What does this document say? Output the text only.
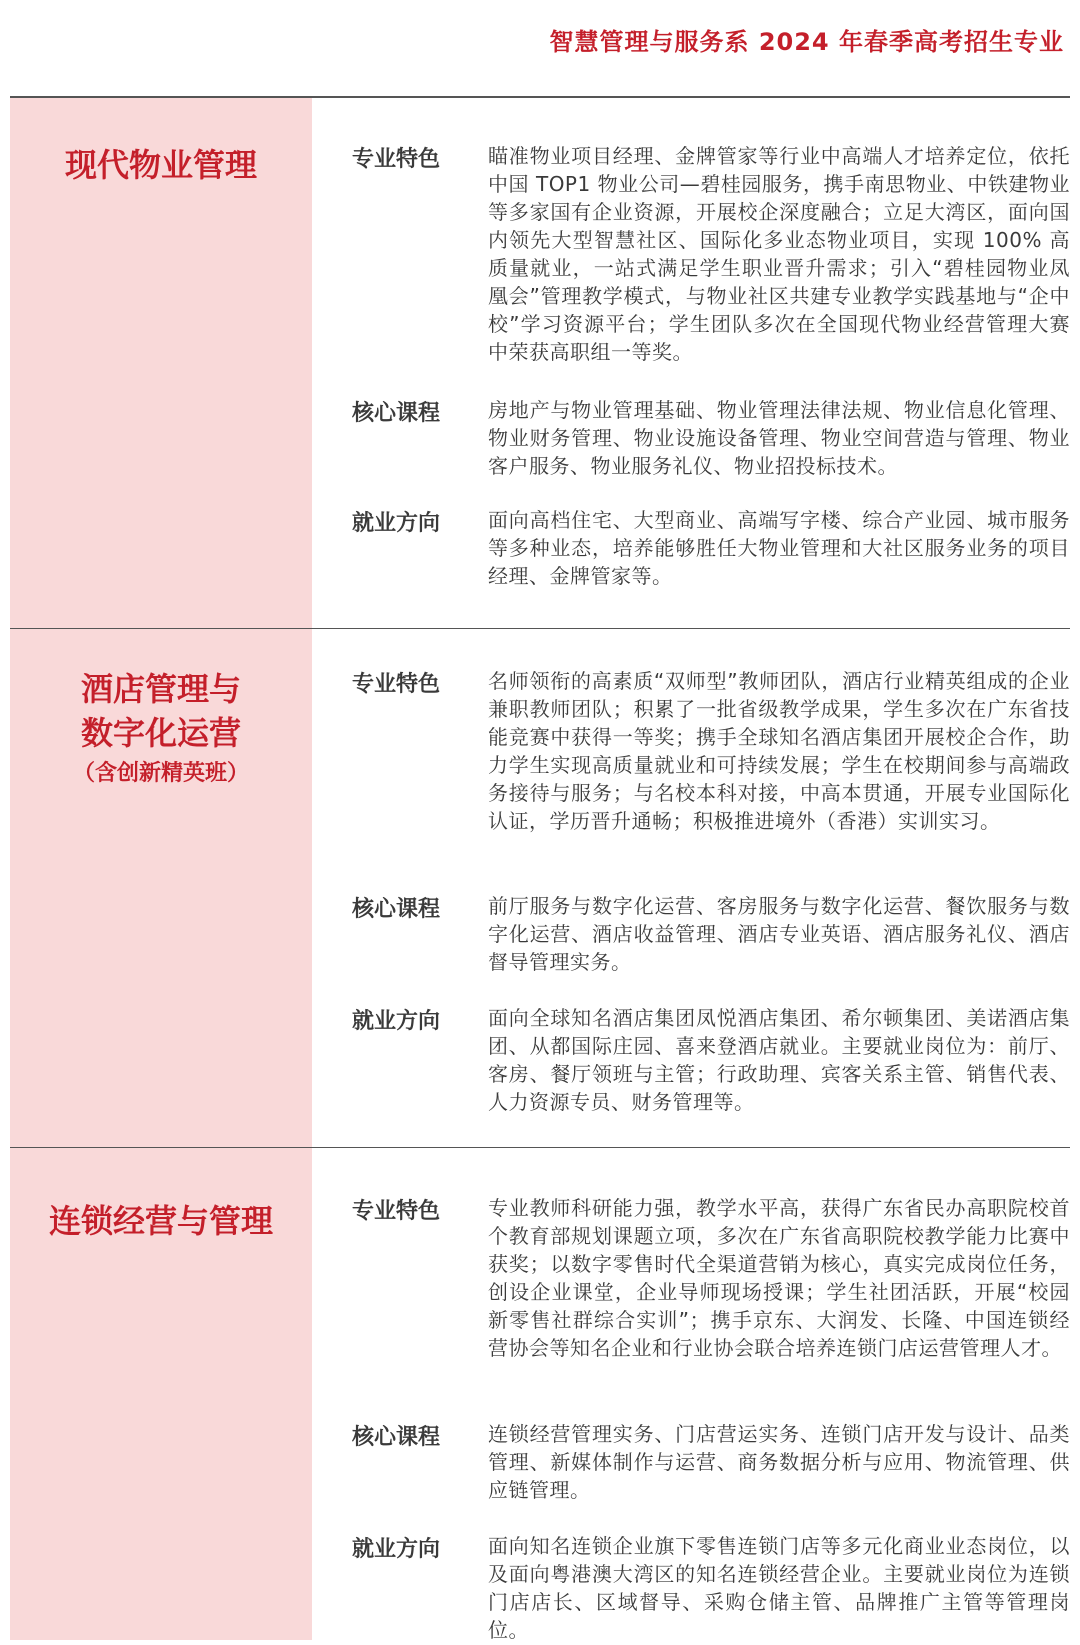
智慧管理与服务系 2024 年春季高考招生专业
现代物业管理	专业特色 瞄准物业项目经理、金牌管家等行业中高端人才培养定位，依托中国 TOP1 物业公司—碧桂园服务，携手南思物业、中铁建物业等多家国有企业资源，开展校企深度融合；立足大湾区，面向国内领先大型智慧社区、国际化多业态物业项目，实现 100% 高质量就业，一站式满足学生职业晋升需求；引入“碧桂园物业凤凰会”管理教学模式，与物业社区共建专业教学实践基地与“企中校”学习资源平台；学生团队多次在全国现代物业经营管理大赛中荣获高职组一等奖。
核心课程 房地产与物业管理基础、物业管理法律法规、物业信息化管理、物业财务管理、物业设施设备管理、物业空间营造与管理、物业客户服务、物业服务礼仪、物业招投标技术。
就业方向 面向高档住宅、大型商业、高端写字楼、综合产业园、城市服务等多种业态，培养能够胜任大物业管理和大社区服务业务的项目经理、金牌管家等。
酒店管理与
数字化运营
（含创新精英班）
专业特色 名师领衔的高素质“双师型”教师团队，酒店行业精英组成的企业兼职教师团队；积累了一批省级教学成果，学生多次在广东省技能竞赛中获得一等奖；携手全球知名酒店集团开展校企合作，助力学生实现高质量就业和可持续发展；学生在校期间参与高端政务接待与服务；与名校本科对接，中高本贯通，开展专业国际化认证，学历晋升通畅；积极推进境外（香港）实训实习。
核心课程 前厅服务与数字化运营、客房服务与数字化运营、餐饮服务与数字化运营、酒店收益管理、酒店专业英语、酒店服务礼仪、酒店督导管理实务。
就业方向 面向全球知名酒店集团凤悦酒店集团、希尔顿集团、美诺酒店集团、从都国际庄园、喜来登酒店就业。主要就业岗位为：前厅、客房、餐厅领班与主管；行政助理、宾客关系主管、销售代表、人力资源专员、财务管理等。
连锁经营与管理	专业特色 专业教师科研能力强，教学水平高，获得广东省民办高职院校首个教育部规划课题立项，多次在广东省高职院校教学能力比赛中获奖；以数字零售时代全渠道营销为核心，真实完成岗位任务，创设企业课堂，企业导师现场授课；学生社团活跃，开展“校园新零售社群综合实训”；携手京东、大润发、长隆、中国连锁经营协会等知名企业和行业协会联合培养连锁门店运营管理人才。
核心课程 连锁经营管理实务、门店营运实务、连锁门店开发与设计、品类管理、新媒体制作与运营、商务数据分析与应用、物流管理、供应链管理。
就业方向 面向知名连锁企业旗下零售连锁门店等多元化商业业态岗位，以及面向粤港澳大湾区的知名连锁经营企业。主要就业岗位为连锁门店店长、区域督导、采购仓储主管、品牌推广主管等管理岗位。
